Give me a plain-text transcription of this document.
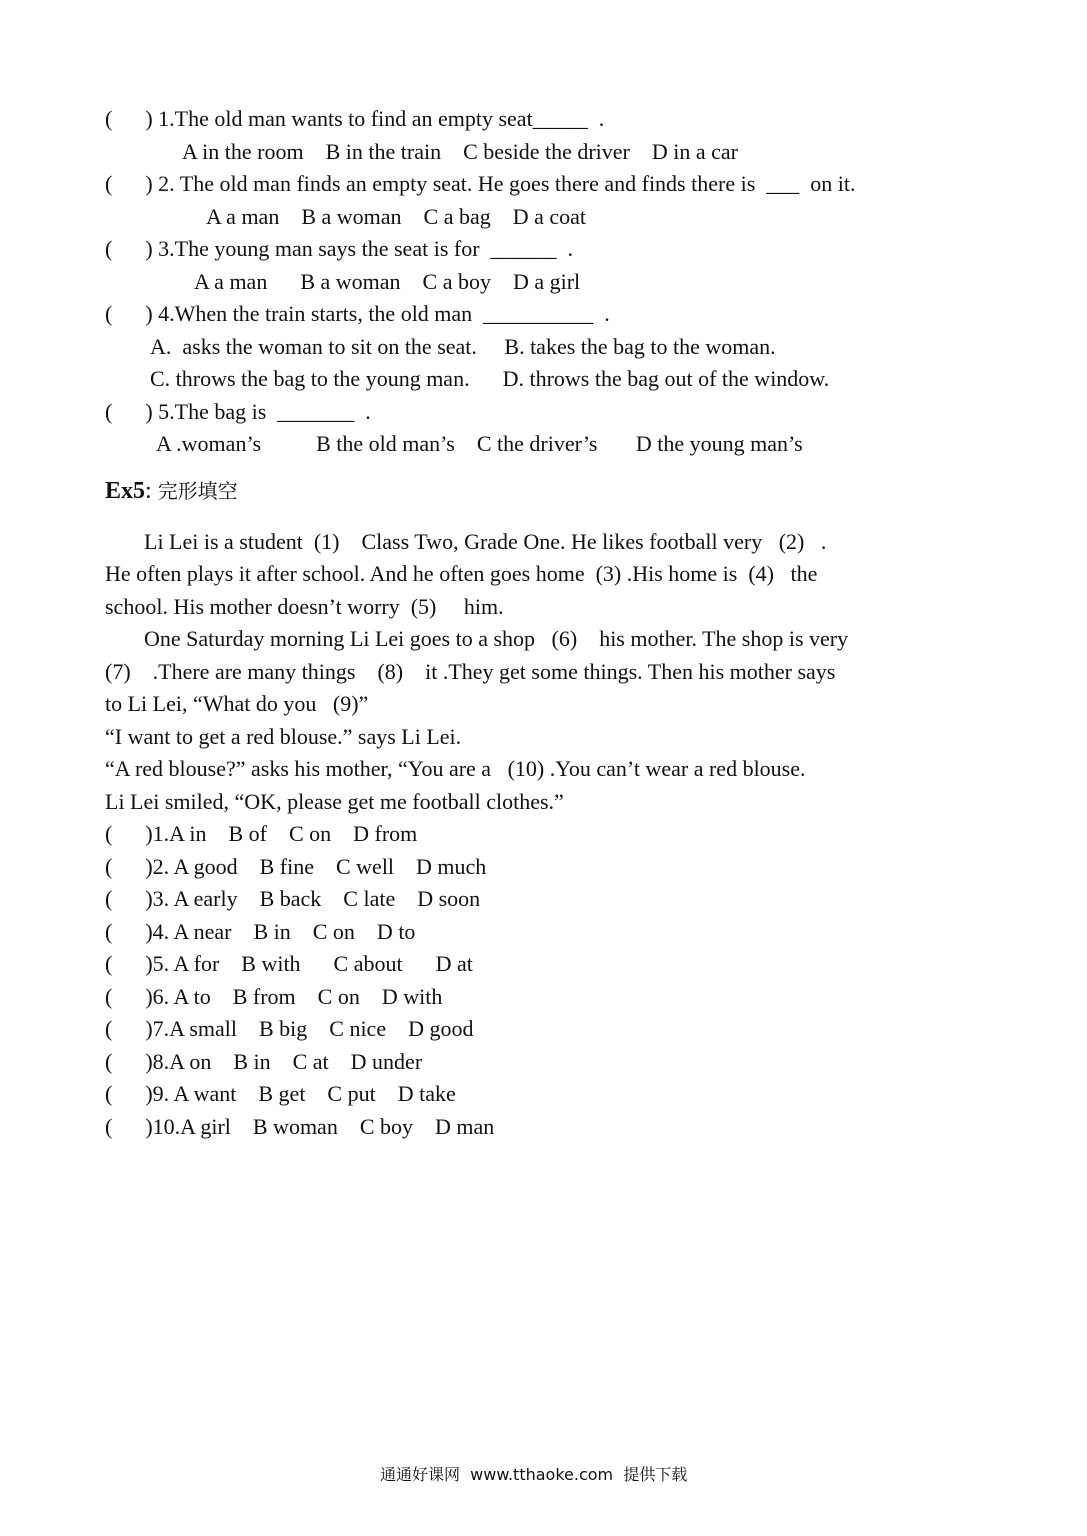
(      ) 1.The old man wants to find an empty seat_____  .
A in the room    B in the train    C beside the driver    D in a car
(      ) 2. The old man finds an empty seat. He goes there and finds there is  ___  on it.
A a man    B a woman    C a bag    D a coat
(      ) 3.The young man says the seat is for  ______  .
A a man      B a woman    C a boy    D a girl
(      ) 4.When the train starts, the old man  __________  .
A.  asks the woman to sit on the seat.     B. takes the bag to the woman.
C. throws the bag to the young man.      D. throws the bag out of the window.
(      ) 5.The bag is  _______  .
A .woman’s          B the old man’s    C the driver’s       D the young man’s
Ex5: 完形填空
Li Lei is a student  (1)    Class Two, Grade One. He likes football very   (2)   .
He often plays it after school. And he often goes home  (3) .His home is  (4)   the
school. His mother doesn’t worry  (5)     him.
One Saturday morning Li Lei goes to a shop   (6)    his mother. The shop is very
(7)    .There are many things    (8)    it .They get some things. Then his mother says
to Li Lei, “What do you   (9)”
“I want to get a red blouse.” says Li Lei.
“A red blouse?” asks his mother, “You are a   (10) .You can’t wear a red blouse.
Li Lei smiled, “OK, please get me football clothes.”
(      )1.A in    B of    C on    D from
(      )2. A good    B fine    C well    D much
(      )3. A early    B back    C late    D soon
(      )4. A near    B in    C on    D to
(      )5. A for    B with      C about      D at
(      )6. A to    B from    C on    D with
(      )7.A small    B big    C nice    D good
(      )8.A on    B in    C at    D under
(      )9. A want    B get    C put    D take
(      )10.A girl    B woman    C boy    D man
通通好课网  www.tthaoke.com  提供下载
